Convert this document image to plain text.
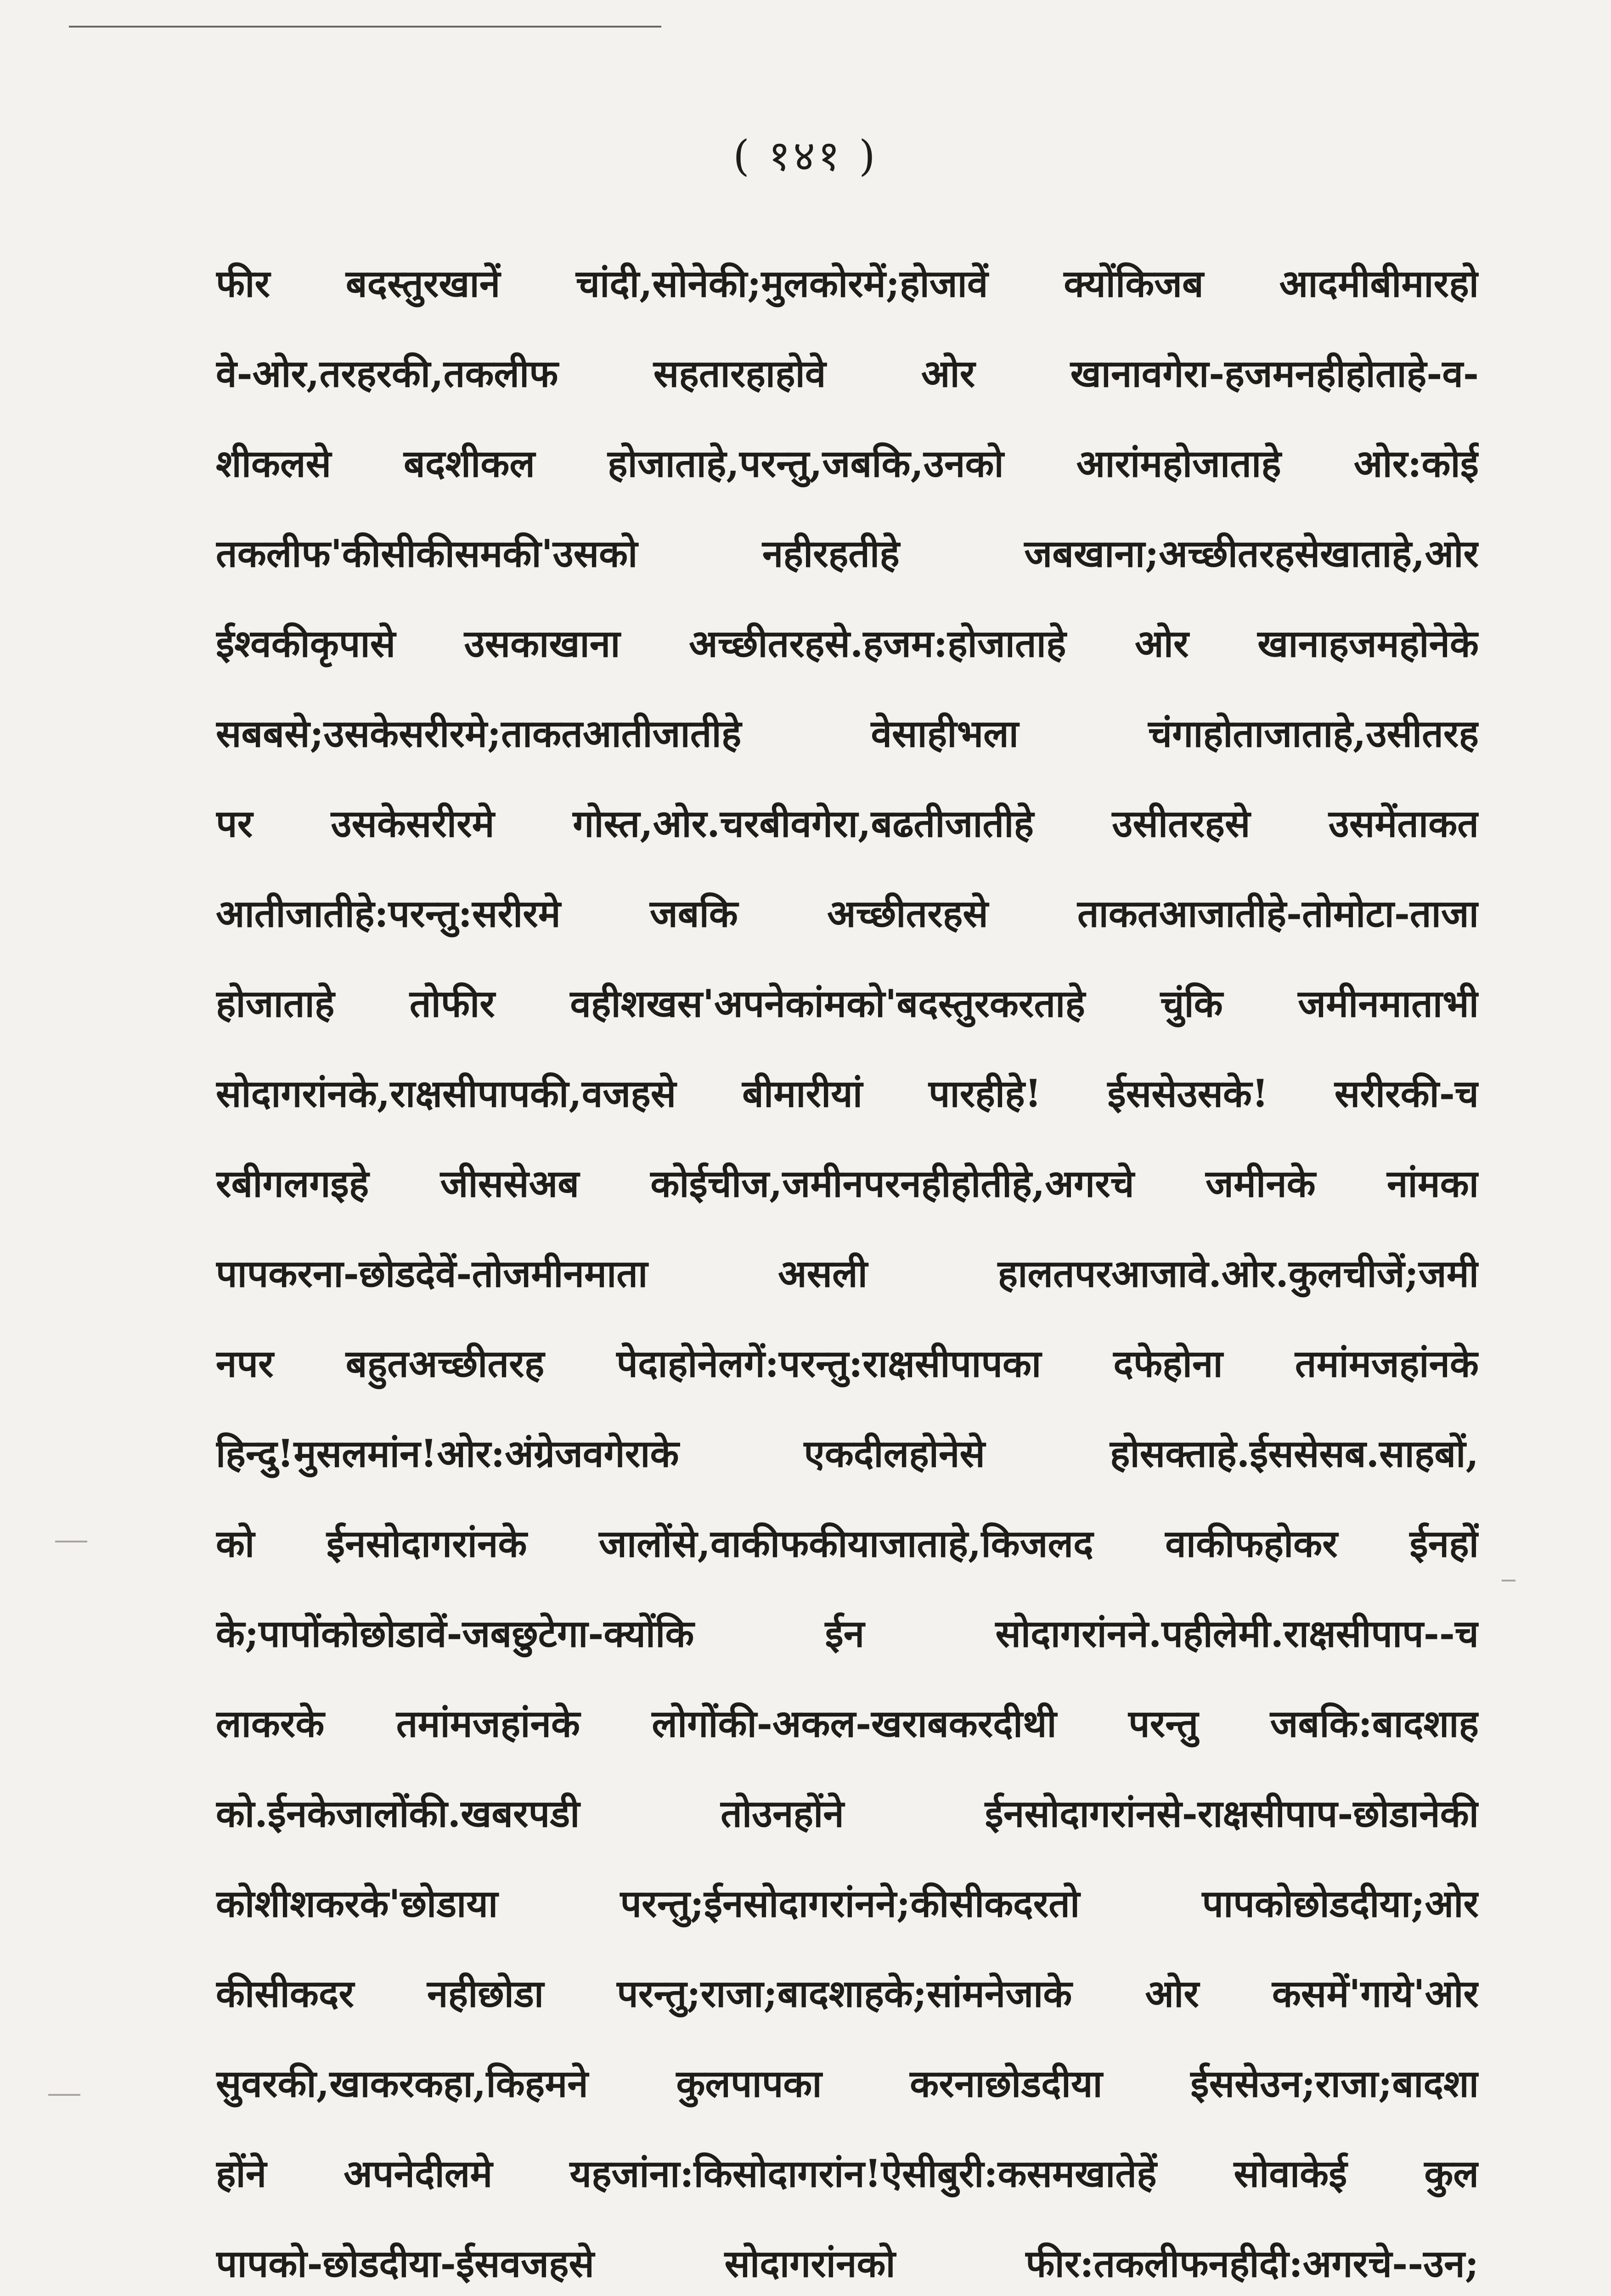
( १४१ )
फीर बदस्तुरखानें चांदी,सोनेकी;मुलकोरमें;होजावें क्योंकिजब आदमीबीमारहो
वे-ओर,तरहरकी,तकलीफ सहतारहाहोवे ओर खानावगेरा-हजमनहीहोताहे-व-
शीकलसे बदशीकल होजाताहे,परन्तु,जबकि,उनको आरांमहोजाताहे ओर:कोई
तकलीफ'कीसीकीसमकी'उसको नहीरहतीहे जबखाना;अच्छीतरहसेखाताहे,ओर
ईश्वकीकृपासे उसकाखाना अच्छीतरहसे.हजम:होजाताहे ओर खानाहजमहोनेके
सबबसे;उसकेसरीरमे;ताकतआतीजातीहे वेसाहीभला चंगाहोताजाताहे,उसीतरह
पर उसकेसरीरमे गोस्त,ओर.चरबीवगेरा,बढतीजातीहे उसीतरहसे उसमेंताकत
आतीजातीहे:परन्तु:सरीरमे जबकि अच्छीतरहसे ताकतआजातीहे-तोमोटा-ताजा
होजाताहे तोफीर वहीशखस'अपनेकांमको'बदस्तुरकरताहे चुंकि जमीनमाताभी
सोदागरांनके,राक्षसीपापकी,वजहसे बीमारीयां पारहीहे! ईससेउसके! सरीरकी-च
रबीगलगइहे जीससेअब कोईचीज,जमीनपरनहीहोतीहे,अगरचे जमीनके नांमका
पापकरना-छोडदेवें-तोजमीनमाता असली हालतपरआजावे.ओर.कुलचीजें;जमी
नपर बहुतअच्छीतरह पेदाहोनेलगें:परन्तु:राक्षसीपापका दफेहोना तमांमजहांनके
हिन्दु!मुसलमांन!ओर:अंग्रेजवगेराके एकदीलहोनेसे होसक्ताहे.ईससेसब.साहबों,
को ईनसोदागरांनके जालोंसे,वाकीफकीयाजाताहे,किजलद वाकीफहोकर ईनहों
के;पापोंकोछोडावें-जबछुटेगा-क्योंकि ईन सोदागरांनने.पहीलेमी.राक्षसीपाप--च
लाकरके तमांमजहांनके लोगोंकी-अकल-खराबकरदीथी परन्तु जबकि:बादशाह
को.ईनकेजालोंकी.खबरपडी तोउनहोंने ईनसोदागरांनसे-राक्षसीपाप-छोडानेकी
कोशीशकरके'छोडाया परन्तु;ईनसोदागरांनने;कीसीकदरतो पापकोछोडदीया;ओर
कीसीकदर नहीछोडा परन्तु;राजा;बादशाहके;सांमनेजाके ओर कसमें'गाये'ओर
सुवरकी,खाकरकहा,किहमने कुलपापका करनाछोडदीया ईससेउन;राजा;बादशा
होंने अपनेदीलमे यहजांना:किसोदागरांन!ऐसीबुरी:कसमखातेहें सोवाकेई कुल
पापको-छोडदीया-ईसवजहसे सोदागरांनको फीर:तकलीफनहीदी:अगरचे--उन;
